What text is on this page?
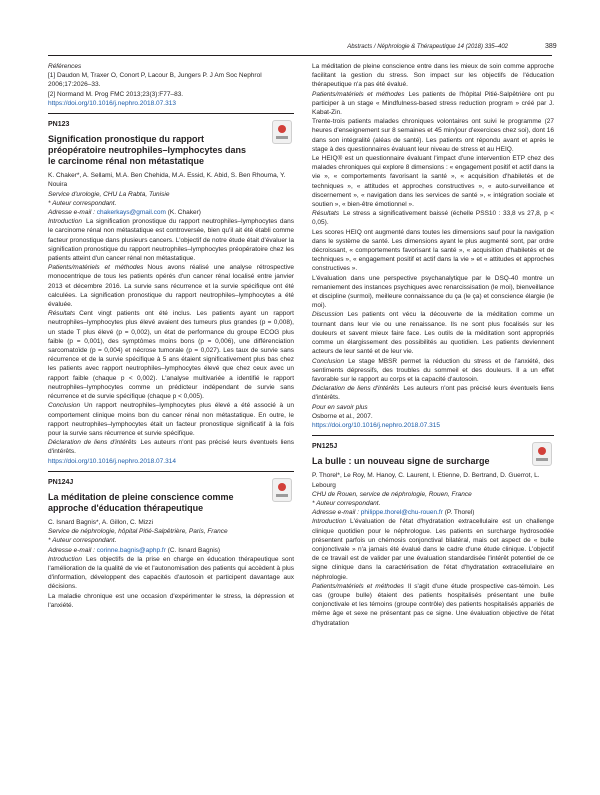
Abstracts / Néphrologie & Thérapeutique 14 (2018) 335–402	389

Références

[1] Daudon M, Traxer O, Conort P, Lacour B, Jungers P. J Am Soc Nephrol 2006;17:2026–33.

[2] Normand M. Prog FMC 2013;23(3):F77–83.

https://doi.org/10.1016/j.nephro.2018.07.313

PN123
Signification pronostique du rapport préopératoire neutrophiles–lymphocytes dans le carcinome rénal non métastatique

K. Chaker*, A. Sellami, M.A. Ben Chehida, M.A. Essid, K. Abid, S. Ben Rhouma, Y. Nouira

Service d'urologie, CHU La Rabta, Tunisie

* Auteur correspondant.

Adresse e-mail : chakerkays@gmail.com (K. Chaker)

Introduction La signification pronostique du rapport neutrophiles–lymphocytes dans le carcinome rénal non métastatique est controversée, bien qu'il ait été établi comme facteur pronostique dans plusieurs cancers. L'objectif de notre étude était d'évaluer la signification pronostique du rapport neutrophiles–lymphocytes préopératoire chez les patients atteint d'un cancer rénal non métastatique.

Patients/matériels et méthodes Nous avons réalisé une analyse rétrospective monocentrique de tous les patients opérés d'un cancer rénal localisé entre janvier 2013 et décembre 2016. La survie sans récurrence et la survie spécifique ont été calculées. La signification pronostique du rapport neutrophiles–lymphocytes a été évaluée.

Résultats Cent vingt patients ont été inclus. Les patients ayant un rapport neutrophiles–lymphocytes plus élevé avaient des tumeurs plus grandes (p = 0,008), un stade T plus élevé (p = 0,002), un état de performance du groupe ECOG plus faible (p = 0,001), des symptômes moins bons (p = 0,006), une différenciation sarcomatoïde (p = 0,004) et nécrose tumorale (p = 0,027). Les taux de survie sans récurrence et de la survie spécifique à 5 ans étaient significativement plus bas chez les patients avec rapport neutrophiles–lymphocytes élevé que chez ceux avec un rapport faible (chaque p < 0,002). L'analyse multivariée a identifié le rapport neutrophiles–lymphocytes comme un prédicteur indépendant de survie sans récurrence et de survie spécifique (chaque p < 0,005).

Conclusion Un rapport neutrophiles–lymphocytes plus élevé a été associé à un comportement clinique moins bon du cancer rénal non métastatique. En outre, le rapport neutrophiles–lymphocytes était un facteur pronostique significatif à la fois pour la survie sans récurrence et survie spécifique.

Déclaration de liens d'intérêts Les auteurs n'ont pas précisé leurs éventuels liens d'intérêts.

https://doi.org/10.1016/j.nephro.2018.07.314

PN124J
La méditation de pleine conscience comme approche d'éducation thérapeutique

C. Isnard Bagnis*, A. Gillon, C. Mizzi

Service de néphrologie, hôpital Pitié-Salpêtrière, Paris, France

* Auteur correspondant.

Adresse e-mail : corinne.bagnis@aphp.fr (C. Isnard Bagnis)

Introduction Les objectifs de la prise en charge en éducation thérapeutique sont l'amélioration de la qualité de vie et l'autonomisation des patients qui accèdent à plus d'information, développent des capacités d'autosoin et participent davantage aux décisions.

La maladie chronique est une occasion d'expérimenter le stress, la dépression et l'anxiété.

La méditation de pleine conscience entre dans les mieux de soin comme approche facilitant la gestion du stress. Son impact sur les objectifs de l'éducation thérapeutique n'a pas été évalué.

Patients/matériels et méthodes Les patients de l'hôpital Pitié-Salpêtrière ont pu participer à un stage « Mindfulness-based stress reduction program » créé par J. Kabat-Zin.

Trente-trois patients malades chroniques volontaires ont suivi le programme (27 heures d'enseignement sur 8 semaines et 45 min/jour d'exercices chez soi), dont 16 dans son intégralité (aléas de santé). Les patients ont répondu avant et après le stage à des questionnaires évaluant leur niveau de stress et au HEIQ.

Le HEIQ® est un questionnaire évaluant l'impact d'une intervention ETP chez des malades chroniques qui explore 8 dimensions : « engagement positif et actif dans la vie », « comportements favorisant la santé », « acquisition d'habiletés et de techniques », « attitudes et approches constructives », « auto-surveillance et discernement », « navigation dans les services de santé », « intégration sociale et soutien », « bien-être émotionnel ».

Résultats Le stress a significativement baissé (échelle PSS10 : 33,8 vs 27,8, p < 0,05).

Les scores HEIQ ont augmenté dans toutes les dimensions sauf pour la navigation dans le système de santé. Les dimensions ayant le plus augmenté sont, par ordre décroissant, « comportements favorisant la santé », « acquisition d'habiletés et de techniques », « engagement positif et actif dans la vie » et « attitudes et approches constructives ».

L'évaluation dans une perspective psychanalytique par le DSQ-40 montre un remaniement des instances psychiques avec renarcissisation (le moi), bienveillance et discipline (surmoi), meilleure connaissance du ça (le ça) et conscience élargie (le moi).

Discussion Les patients ont vécu la découverte de la méditation comme un tournant dans leur vie ou une renaissance. Ils ne sont plus focalisés sur les douleurs et savent mieux faire face. Les outils de la méditation sont appropriés comme un élargissement des possibilités au quotidien. Les patients deviennent acteurs de leur santé et de leur vie.

Conclusion Le stage MBSR permet la réduction du stress et de l'anxiété, des sentiments dépressifs, des troubles du sommeil et des douleurs. Il a un effet favorable sur le rapport au corps et la capacité d'autosoin.

Déclaration de liens d'intérêts Les auteurs n'ont pas précisé leurs éventuels liens d'intérêts.

Pour en savoir plus

Osborne et al., 2007.

https://doi.org/10.1016/j.nephro.2018.07.315

PN125J
La bulle : un nouveau signe de surcharge

P. Thorel*, Le Roy, M. Hanoy, C. Laurent, I. Etienne, D. Bertrand, D. Guerrot, L. Lebourg

CHU de Rouen, service de néphrologie, Rouen, France

* Auteur correspondant.

Adresse e-mail : philippe.thorel@chu-rouen.fr (P. Thorel)

Introduction L'évaluation de l'état d'hydratation extracellulaire est un challenge clinique quotidien pour le néphrologue. Les patients en surcharge hydrosodée présentent parfois un chémosis conjonctival bilatéral, mais cet aspect de « bulle conjonctivale » n'a jamais été évalué dans le cadre d'une étude clinique. L'objectif de ce travail est de valider par une évaluation standardisée l'intérêt potentiel de ce signe clinique dans la caractérisation de l'état d'hydratation extracellulaire en néphrologie.

Patients/matériels et méthodes Il s'agit d'une étude prospective cas-témoin. Les cas (groupe bulle) étaient des patients hospitalisés présentant une bulle conjonctivale et les témoins (groupe contrôle) des patients hospitalisés appariés de même âge et sexe ne présentant pas ce signe. Une évaluation objective de l'état d'hydratation
